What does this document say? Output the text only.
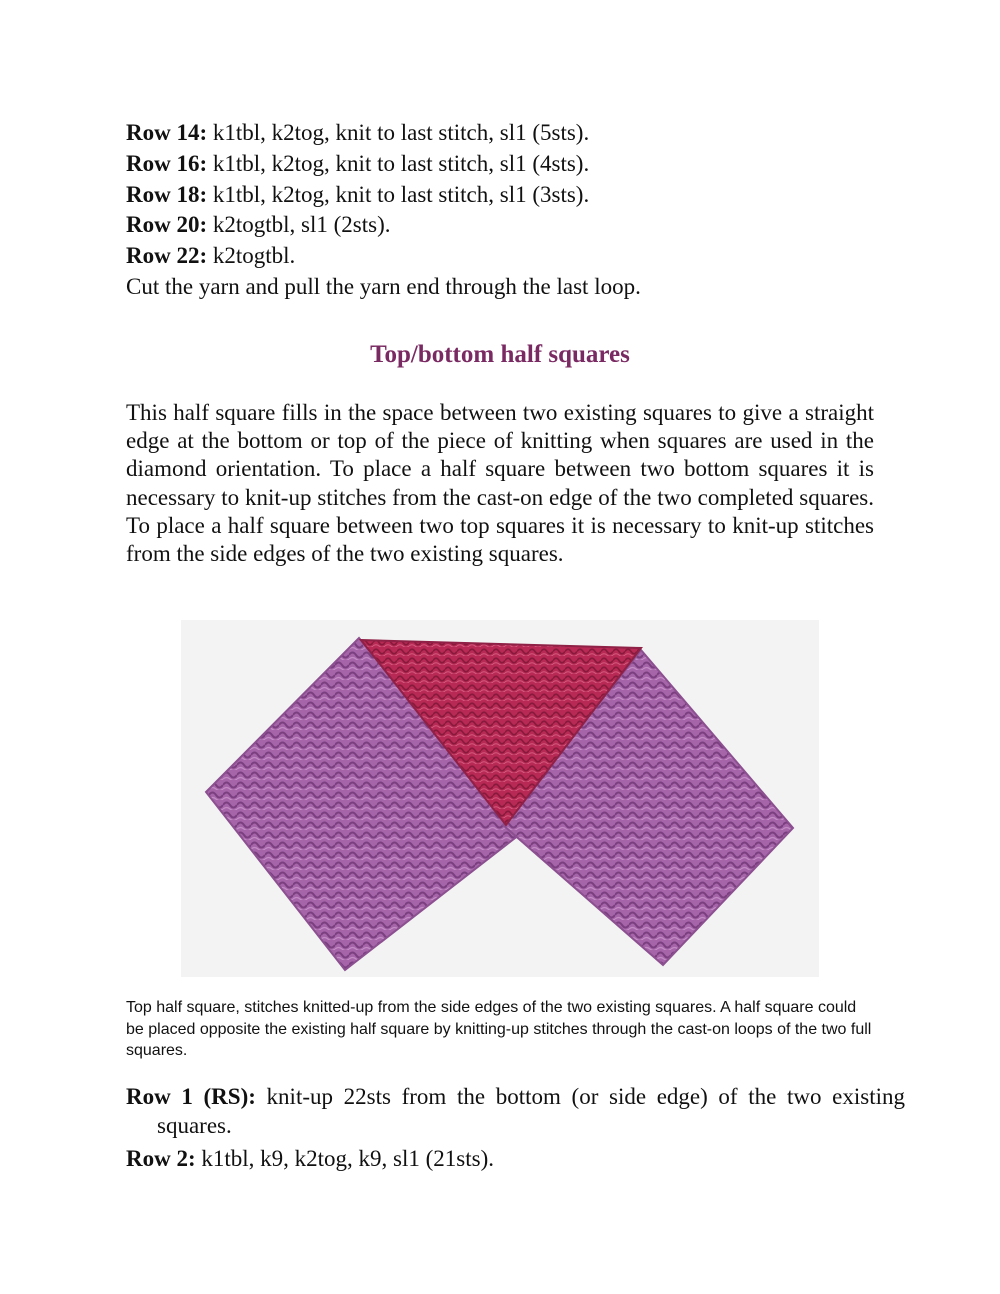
Row 14: k1tbl, k2tog, knit to last stitch, sl1 (5sts).
Row 16: k1tbl, k2tog, knit to last stitch, sl1 (4sts).
Row 18: k1tbl, k2tog, knit to last stitch, sl1 (3sts).
Row 20: k2togtbl, sl1 (2sts).
Row 22: k2togtbl.
Cut the yarn and pull the yarn end through the last loop.
Top/bottom half squares
This half square fills in the space between two existing squares to give a straight edge at the bottom or top of the piece of knitting when squares are used in the diamond orientation. To place a half square between two bottom squares it is necessary to knit-up stitches from the cast-on edge of the two completed squares. To place a half square between two top squares it is necessary to knit-up stitches from the side edges of the two existing squares.
Top half square, stitches knitted-up from the side edges of the two existing squares. A half square could be placed opposite the existing half square by knitting-up stitches through the cast-on loops of the two full squares.
Row 1 (RS): knit-up 22sts from the bottom (or side edge) of the two existing squares.
Row 2: k1tbl, k9, k2tog, k9, sl1 (21sts).
